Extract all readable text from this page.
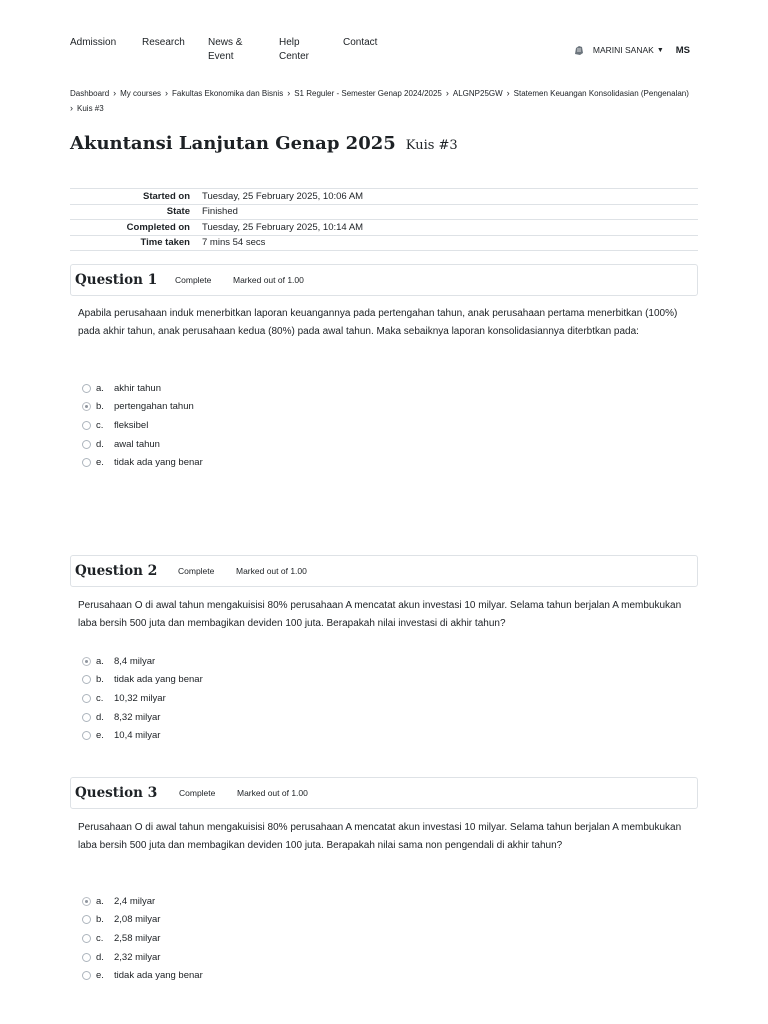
Admission	Research News & Event
Help Center
Contact
MARINI SANAK ▼ MS
Dashboard › My courses › Fakultas Ekonomika dan Bisnis › S1 Reguler - Semester Genap 2024/2025 › ALGNP25GW › Statemen Keuangan Konsolidasian (Pengenalan)
› Kuis #3
Akuntansi Lanjutan Genap 2025 Kuis #3
Started on	Tuesday, 25 February 2025, 10:06 AM
State	Finished
Completed on	Tuesday, 25 February 2025, 10:14 AM
Time taken	7 mins 54 secs
Question 1	Complete	Marked out of 1.00
Apabila perusahaan induk menerbitkan laporan keuangannya pada pertengahan tahun, anak perusahaan pertama menerbitkan (100%) pada akhir tahun, anak perusahaan kedua (80%) pada awal tahun. Maka sebaiknya laporan konsolidasiannya diterbtkan pada:
a.	akhir tahun
b.	pertengahan tahun
c.	fleksibel
d.	awal tahun
e.	tidak ada yang benar
Question 2	Complete	Marked out of 1.00
Perusahaan O di awal tahun mengakuisisi 80% perusahaan A mencatat akun investasi 10 milyar. Selama tahun berjalan A membukukan laba bersih 500 juta dan membagikan deviden 100 juta. Berapakah nilai investasi di akhir tahun?
a.	8,4 milyar
b.	tidak ada yang benar
c.	10,32 milyar
d.	8,32 milyar
e.	10,4 milyar
Question 3	Complete	Marked out of 1.00
Perusahaan O di awal tahun mengakuisisi 80% perusahaan A mencatat akun investasi 10 milyar. Selama tahun berjalan A membukukan laba bersih 500 juta dan membagikan deviden 100 juta. Berapakah nilai sama non pengendali di akhir tahun?
a.	2,4 milyar
b.	2,08 milyar
c.	2,58 milyar
d.	2,32 milyar
e.	tidak ada yang benar
